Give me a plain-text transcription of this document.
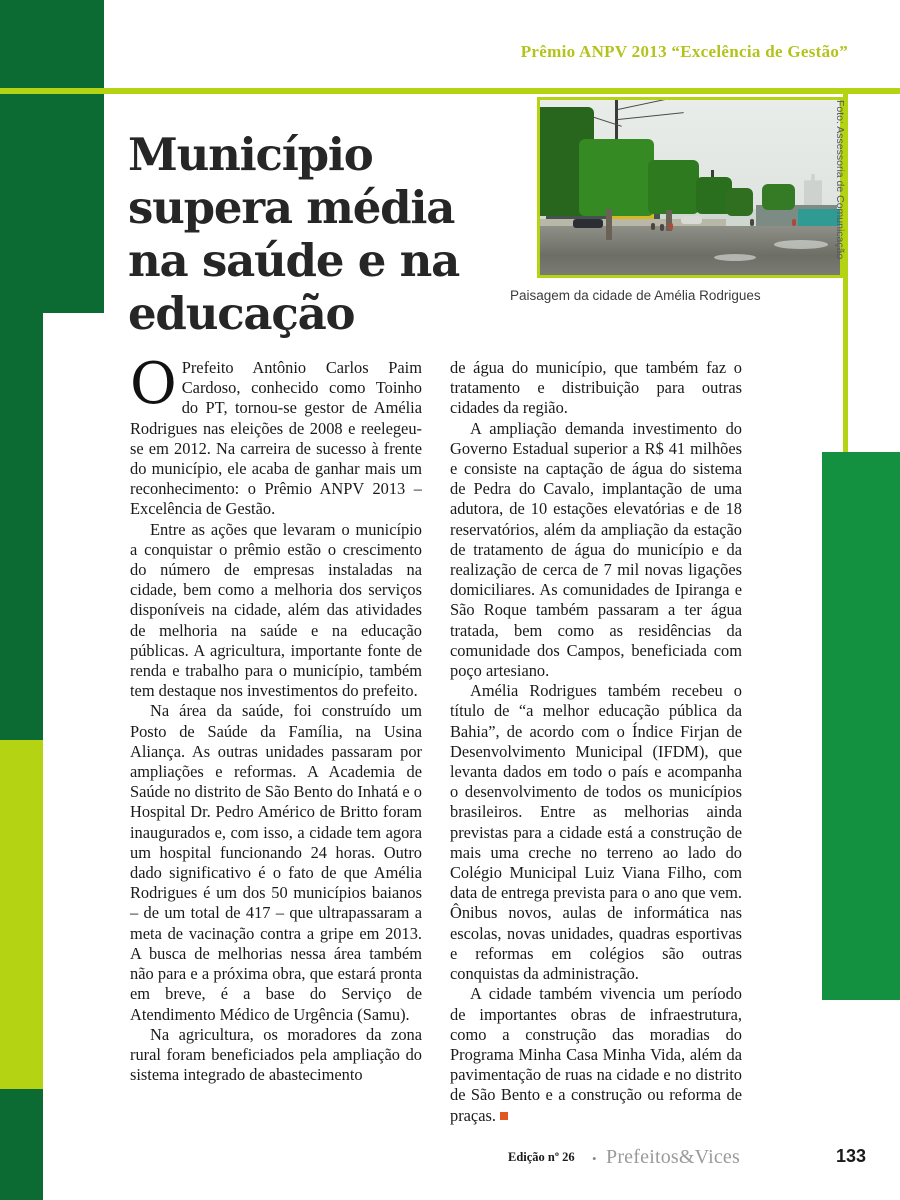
Prêmio ANPV 2013 “Excelência de Gestão”
Município
supera média
na saúde e na
educação
Foto: Assessoria de Comunicação
Paisagem da cidade de Amélia Rodrigues

O Prefeito Antônio Carlos Paim Cardoso, conhecido como Toinho do PT, tornou-se gestor de Amélia Rodrigues nas eleições de 2008 e reelegeu-se em 2012. Na carreira de sucesso à frente do município, ele acaba de ganhar mais um reconhecimento: o Prêmio ANPV 2013 – Excelência de Gestão.

Entre as ações que levaram o município a conquistar o prêmio estão o crescimento do número de empresas instaladas na cidade, bem como a melhoria dos serviços disponíveis na cidade, além das atividades de melhoria na saúde e na educação públicas. A agricultura, importante fonte de renda e trabalho para o município, também tem destaque nos investimentos do prefeito.

Na área da saúde, foi construído um Posto de Saúde da Família, na Usina Aliança. As outras unidades passaram por ampliações e reformas. A Academia de Saúde no distrito de São Bento do Inhatá e o Hospital Dr. Pedro Américo de Britto foram inaugurados e, com isso, a cidade tem agora um hospital funcionando 24 horas. Outro dado significativo é o fato de que Amélia Rodrigues é um dos 50 municípios baianos – de um total de 417 – que ultrapassaram a meta de vacinação contra a gripe em 2013. A busca de melhorias nessa área também não para e a próxima obra, que estará pronta em breve, é a base do Serviço de Atendimento Médico de Urgência (Samu).

Na agricultura, os moradores da zona rural foram beneficiados pela ampliação do sistema integrado de abastecimento

de água do município, que também faz o tratamento e distribuição para outras cidades da região.

A ampliação demanda investimento do Governo Estadual superior a R$ 41 milhões e consiste na captação de água do sistema de Pedra do Cavalo, implantação de uma adutora, de 10 estações elevatórias e de 18 reservatórios, além da ampliação da estação de tratamento de água do município e da realização de cerca de 7 mil novas ligações domiciliares. As comunidades de Ipiranga e São Roque também passaram a ter água tratada, bem como as residências da comunidade dos Campos, beneficiada com poço artesiano.

Amélia Rodrigues também recebeu o título de “a melhor educação pública da Bahia”, de acordo com o Índice Firjan de Desenvolvimento Municipal (IFDM), que levanta dados em todo o país e acompanha o desenvolvimento de todos os municípios brasileiros. Entre as melhorias ainda previstas para a cidade está a construção de mais uma creche no terreno ao lado do Colégio Municipal Luiz Viana Filho, com data de entrega prevista para o ano que vem. Ônibus novos, aulas de informática nas escolas, novas unidades, quadras esportivas e reformas em colégios são outras conquistas da administração.

A cidade também vivencia um período de importantes obras de infraestrutura, como a construção das moradias do Programa Minha Casa Minha Vida, além da pavimentação de ruas na cidade e no distrito de São Bento e a construção ou reforma de praças.

Edição nº 26 • Prefeitos&Vices	133
